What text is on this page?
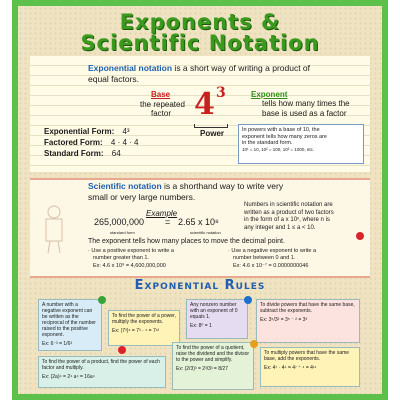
Exponents &
Scientific Notation
Exponential notation is a short way of writing a product of
equal factors.
Base
the repeated
factor 4 3
Power
Exponent
tells how many times the
base is used as a factor
Exponential Form: 4³
Factored Form: 4 · 4 · 4
Standard Form: 64
In powers with a base of 10, the
exponent tells how many zeros are
in the standard form.
10¹ = 10, 10² = 100, 10³ = 1000, etc.
Scientific notation is a shorthand way to write very
small or very large numbers.
Example
265,000,000 = 2.65 x 10⁸
standard form	scientific notation
Numbers in scientific notation are
written as a product of two factors
in the form of a x 10ⁿ, where n is
any integer and 1 ≤ a < 10.
The exponent tells how many places to move the decimal point.
· Use a positive exponent to write a
number greater than 1.
Ex: 4.6 x 10⁹ = 4,600,000,000
· Use a negative exponent to write a
number between 0 and 1.
Ex: 4.6 x 10⁻⁷ = 0.0000000046
Exponential Rules
A number with a negative exponent can be written as the reciprocal of the number raised to the positive exponent.
Ex: 6⁻³ = 1/6³
To find the power of a power, multiply the exponents.
Ex: (7³)⁴ = 7³ · ⁴ = 7¹²
Any nonzero number with an exponent of 0 equals 1.
Ex: 8⁰ = 1
To divide powers that have the same base, subtract the exponents.
Ex: 3⁵/3² = 3⁵ ⁻ ² = 3³
To find the power of a quotient, raise the dividend and the divisor to the power and simplify.
Ex: (2/3)³ = 2³/3³ = 8/27
To find the power of a product, find the power of each factor and multiply.
Ex: (2a)⁴ = 2⁴ a⁴ = 16a⁴
To multiply powers that have the same base, add the exponents.
Ex: 4⁷ · 4⁴ = 4⁷ ⁺ ⁴ = 4¹¹
